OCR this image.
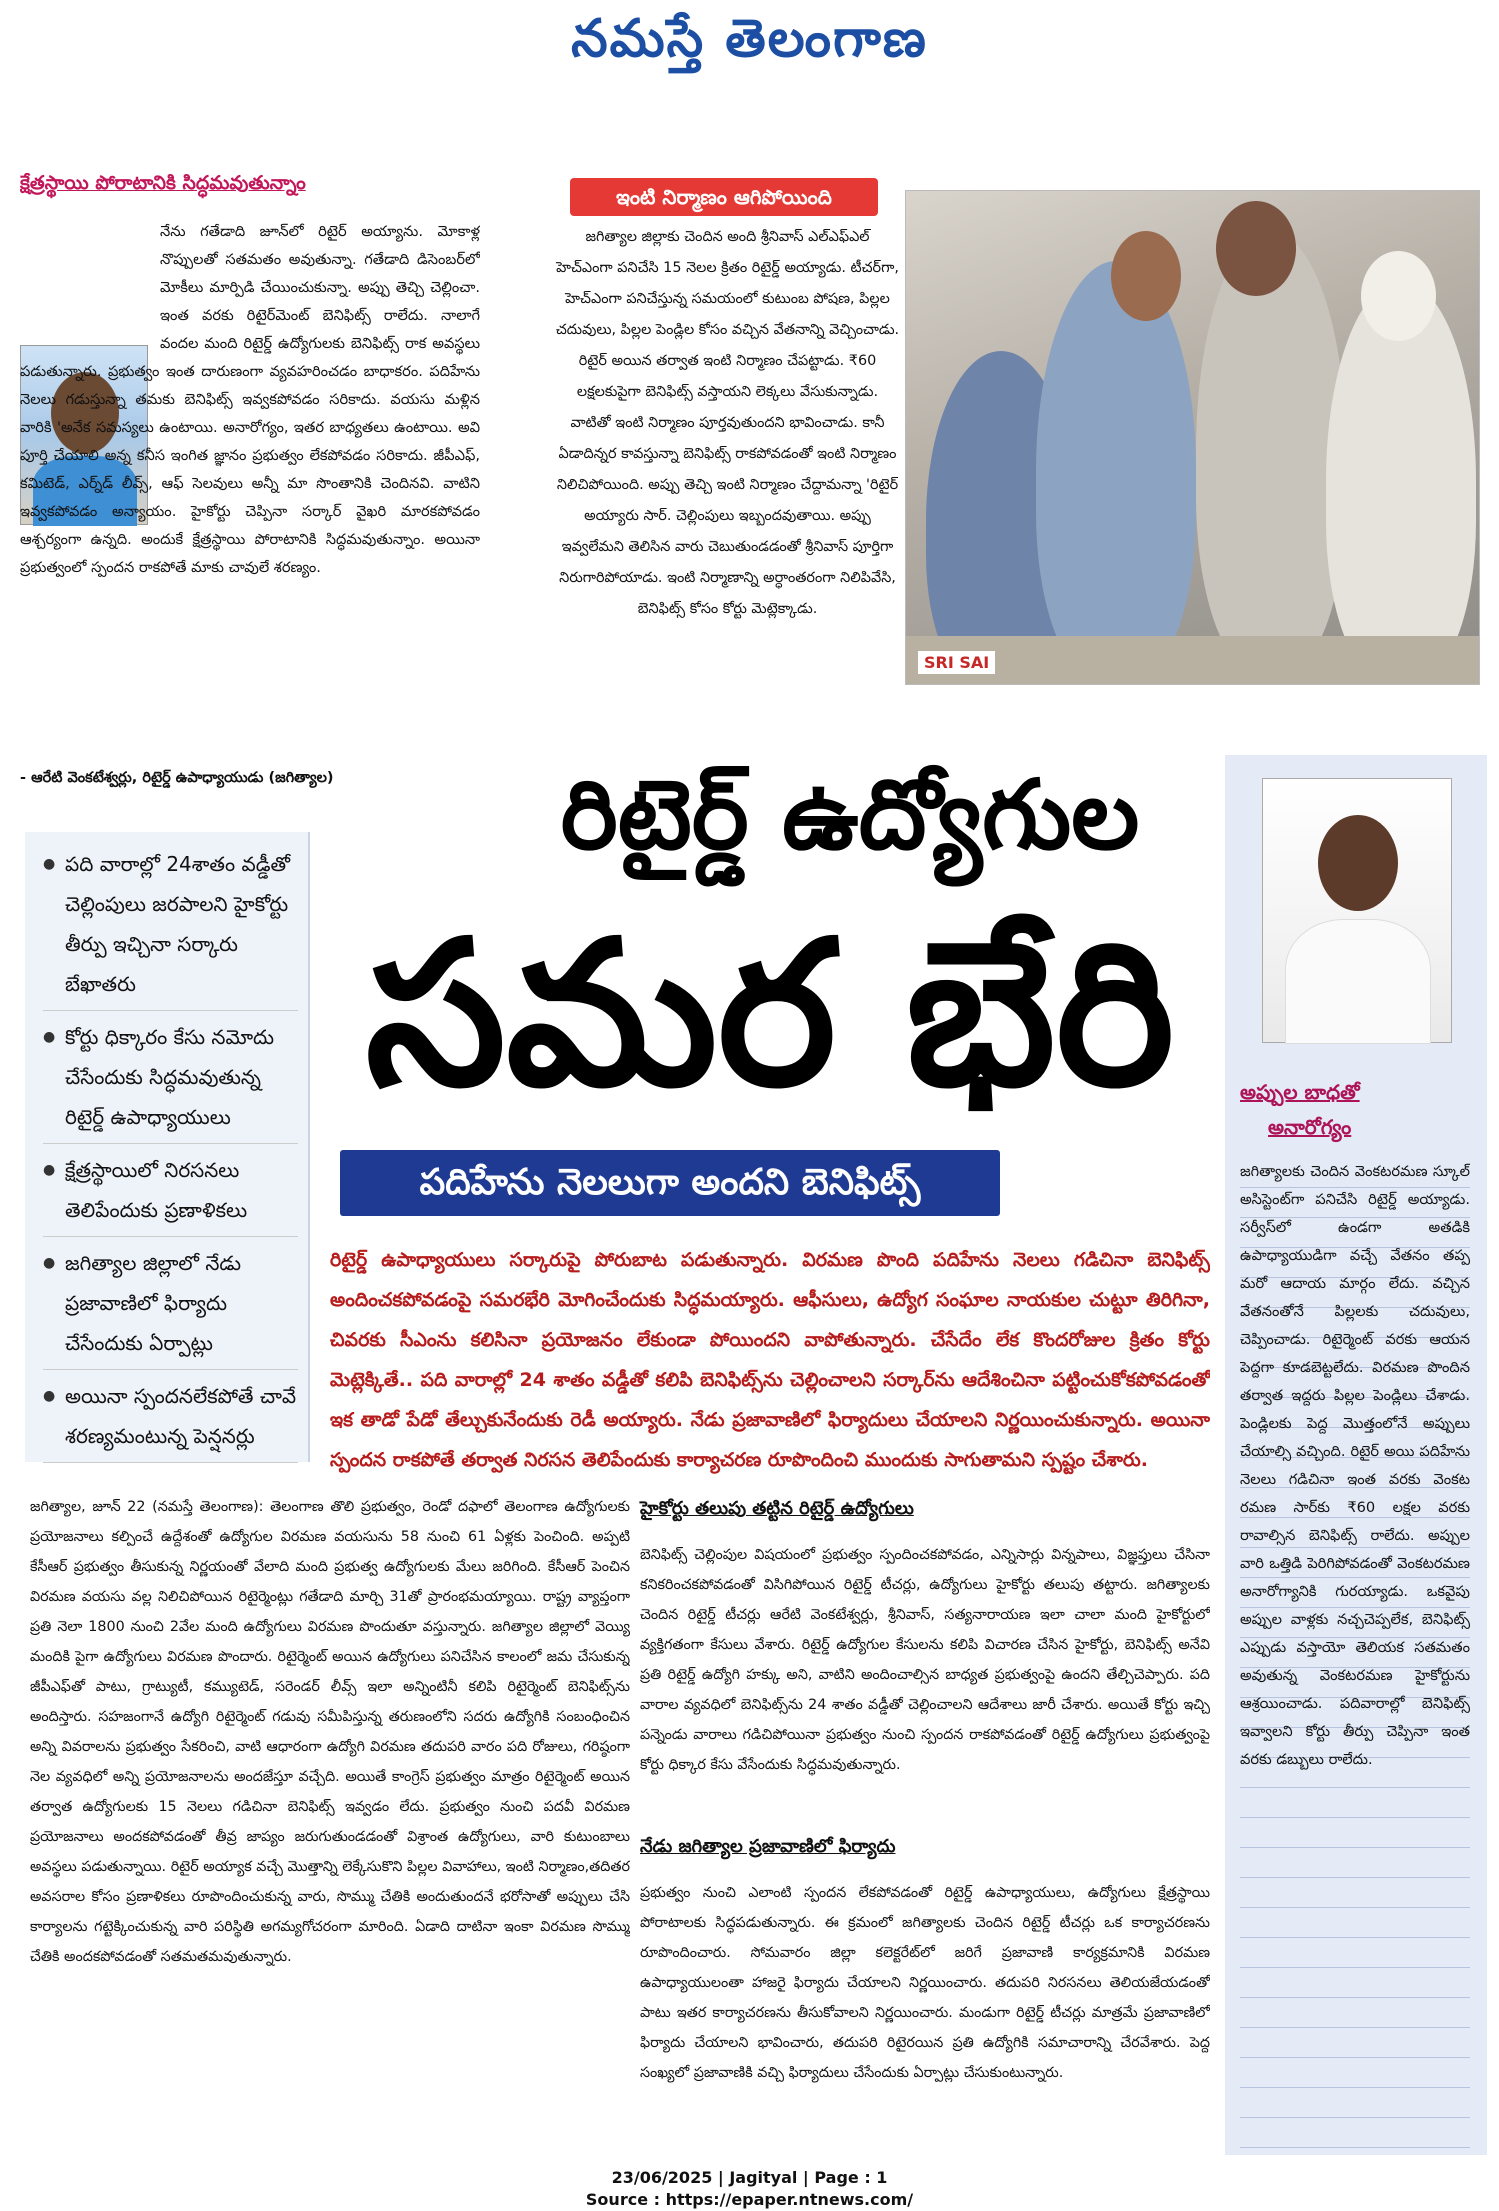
నమస్తే తెలంగాణ
క్షేత్రస్థాయి పోరాటానికి సిద్ధమవుతున్నాం
నేను గతేడాది జూన్‌లో రిటైర్ అయ్యాను. మోకాళ్ల నొప్పులతో సతమతం అవుతున్నా. గతేడాది డిసెంబర్‌లో మోకీలు మార్పిడి చేయించుకున్నా. అప్పు తెచ్చి చెల్లించా. ఇంత వరకు రిటైర్‌మెంట్ బెనిఫిట్స్ రాలేదు. నాలాగే వందల మంది రిటైర్డ్ ఉద్యోగులకు బెనిఫిట్స్ రాక అవస్థలు పడుతున్నారు. ప్రభుత్వం ఇంత దారుణంగా వ్యవహరించడం బాధాకరం. పదిహేను నెలలు గడుస్తున్నా తమకు బెనిఫిట్స్ ఇవ్వకపోవడం సరికాదు. వయసు మళ్లిన వారికి 'అనేక సమస్యలు ఉంటాయి. అనారోగ్యం, ఇతర బాధ్యతలు ఉంటాయి. అవి పూర్తి చేయాలి అన్న కనీస ఇంగిత జ్ఞానం ప్రభుత్వం లేకపోవడం సరికాదు. జీపీఎఫ్, కమిటెడ్, ఎర్న్‌డ్ లీవ్స్, ఆఫ్ సెలవులు అన్నీ మా సొంతానికి చెందినవి. వాటిని ఇవ్వకపోవడం అన్యాయం. హైకోర్టు చెప్పినా సర్కార్ వైఖరి మారకపోవడం ఆశ్చర్యంగా ఉన్నది. అందుకే క్షేత్రస్థాయి పోరాటానికి సిద్ధమవుతున్నాం. అయినా ప్రభుత్వంలో స్పందన రాకపోతే మాకు చావులే శరణ్యం.
- ఆరేటి వెంకటేశ్వర్లు, రిటైర్డ్ ఉపాధ్యాయుడు (జగిత్యాల)
ఇంటి నిర్మాణం ఆగిపోయింది
జగిత్యాల జిల్లాకు చెందిన అంది శ్రీనివాస్ ఎల్ఎఫ్ఎల్ హెచ్ఎంగా పనిచేసి 15 నెలల క్రితం రిటైర్డ్ అయ్యాడు. టీచర్‌గా, హెచ్ఎంగా పనిచేస్తున్న సమయంలో కుటుంబ పోషణ, పిల్లల చదువులు, పిల్లల పెండ్లిల కోసం వచ్చిన వేతనాన్ని వెచ్చించాడు. రిటైర్ అయిన తర్వాత ఇంటి నిర్మాణం చేపట్టాడు. ₹60 లక్షలకుపైగా బెనిఫిట్స్ వస్తాయని లెక్కలు వేసుకున్నాడు. వాటితో ఇంటి నిర్మాణం పూర్తవుతుందని భావించాడు. కానీ ఏడాదిన్నర కావస్తున్నా బెనిఫిట్స్ రాకపోవడంతో ఇంటి నిర్మాణం నిలిచిపోయింది. అప్పు తెచ్చి ఇంటి నిర్మాణం చేద్దామన్నా 'రిటైర్ అయ్యారు సార్. చెల్లింపులు ఇబ్బందవుతాయి. అప్పు ఇవ్వలేమని తెలిసిన వారు చెబుతుండడంతో శ్రీనివాస్ పూర్తిగా నిరుగారిపోయాడు. ఇంటి నిర్మాణాన్ని అర్ధాంతరంగా నిలిపివేసి, బెనిఫిట్స్ కోసం కోర్టు మెట్లెక్కాడు.
SRI SAI
రిటైర్డ్ ఉద్యోగుల
సమర భేరి
పదిహేను నెలలుగా అందని బెనిఫిట్స్
● పది వారాల్లో 24శాతం వడ్డీతో చెల్లింపులు జరపాలని హైకోర్టు తీర్పు ఇచ్చినా సర్కారు బేఖాతరు
● కోర్టు ధిక్కారం కేసు నమోదు చేసేందుకు సిద్ధమవుతున్న రిటైర్డ్ ఉపాధ్యాయులు
● క్షేత్రస్థాయిలో నిరసనలు తెలిపేందుకు ప్రణాళికలు
● జగిత్యాల జిల్లాలో నేడు ప్రజావాణిలో ఫిర్యాదు చేసేందుకు ఏర్పాట్లు
● అయినా స్పందనలేకపోతే చావే శరణ్యమంటున్న పెన్షనర్లు
రిటైర్డ్ ఉపాధ్యాయులు సర్కారుపై పోరుబాట పడుతున్నారు. విరమణ పొంది పదిహేను నెలలు గడిచినా బెనిఫిట్స్ అందించకపోవడంపై సమరభేరి మోగించేందుకు సిద్ధమయ్యారు. ఆఫీసులు, ఉద్యోగ సంఘాల నాయకుల చుట్టూ తిరిగినా, చివరకు సీఎంను కలిసినా ప్రయోజనం లేకుండా పోయిందని వాపోతున్నారు. చేసేదేం లేక కొందరోజుల క్రితం కోర్టు మెట్లెక్కితే.. పది వారాల్లో 24 శాతం వడ్డీతో కలిపి బెనిఫిట్స్‌ను చెల్లించాలని సర్కార్‌ను ఆదేశించినా పట్టించుకోకపోవడంతో ఇక తాడో పేడో తేల్చుకునేందుకు రెడీ అయ్యారు. నేడు ప్రజావాణిలో ఫిర్యాదులు చేయాలని నిర్ణయించుకున్నారు. అయినా స్పందన రాకపోతే తర్వాత నిరసన తెలిపేందుకు కార్యాచరణ రూపొందించి ముందుకు సాగుతామని స్పష్టం చేశారు.
అప్పుల బాధతో
అనారోగ్యం
జగిత్యాలకు చెందిన వెంకటరమణ స్కూల్ అసిస్టెంట్‌గా పనిచేసి రిటైర్డ్ అయ్యాడు. సర్వీస్‌లో ఉండగా అతడికి ఉపాధ్యాయుడిగా వచ్చే వేతనం తప్ప మరో ఆదాయ మార్గం లేదు. వచ్చిన వేతనంతోనే పిల్లలకు చదువులు, చెప్పించాడు. రిటైర్మెంట్ వరకు ఆయన పెద్దగా కూడబెట్టలేదు. విరమణ పొందిన తర్వాత ఇద్దరు పిల్లల పెండ్లిలు చేశాడు. పెండ్లిలకు పెద్ద మొత్తంలోనే అప్పులు చేయాల్సి వచ్చింది. రిటైర్ అయి పదిహేను నెలలు గడిచినా ఇంత వరకు వెంకట రమణ సార్‌కు ₹60 లక్షల వరకు రావాల్సిన బెనిఫిట్స్ రాలేదు. అప్పుల వారి ఒత్తిడి పెరిగిపోవడంతో వెంకటరమణ అనారోగ్యానికి గురయ్యాడు. ఒకవైపు అప్పుల వాళ్లకు నచ్చచెప్పలేక, బెనిఫిట్స్ ఎప్పుడు వస్తాయో తెలియక సతమతం అవుతున్న వెంకటరమణ హైకోర్టును ఆశ్రయించాడు. పదివారాల్లో బెనిఫిట్స్ ఇవ్వాలని కోర్టు తీర్పు చెప్పినా ఇంత వరకు డబ్బులు రాలేదు.
జగిత్యాల, జూన్ 22 (నమస్తే తెలంగాణ): తెలంగాణ తొలి ప్రభుత్వం, రెండో దఫాలో తెలంగాణ ఉద్యోగులకు ప్రయోజనాలు కల్పించే ఉద్దేశంతో ఉద్యోగుల విరమణ వయసును 58 నుంచి 61 ఏళ్లకు పెంచింది. అప్పటి కేసీఆర్ ప్రభుత్వం తీసుకున్న నిర్ణయంతో వేలాది మంది ప్రభుత్వ ఉద్యోగులకు మేలు జరిగింది. కేసీఆర్ పెంచిన విరమణ వయసు వల్ల నిలిచిపోయిన రిటైర్మెంట్లు గతేడాది మార్చి 31తో ప్రారంభమయ్యాయి. రాష్ట్ర వ్యాప్తంగా ప్రతి నెలా 1800 నుంచి 2వేల మంది ఉద్యోగులు విరమణ పొందుతూ వస్తున్నారు. జగిత్యాల జిల్లాలో వెయ్యి మందికి పైగా ఉద్యోగులు విరమణ పొందారు. రిటైర్మెంట్ అయిన ఉద్యోగులు పనిచేసిన కాలంలో జమ చేసుకున్న జీపీఎఫ్‌తో పాటు, గ్రాట్యుటీ, కమ్యుటెడ్, సరెండర్ లీవ్స్ ఇలా అన్నింటినీ కలిపి రిటైర్మెంట్ బెనిఫిట్స్‌ను అందిస్తారు. సహజంగానే ఉద్యోగి రిటైర్మెంట్ గడువు సమీపిస్తున్న తరుణంలోని సదరు ఉద్యోగికి సంబంధించిన అన్ని వివరాలను ప్రభుత్వం సేకరించి, వాటి ఆధారంగా ఉద్యోగి విరమణ తదుపరి వారం పది రోజులు, గరిష్ఠంగా నెల వ్యవధిలో అన్ని ప్రయోజనాలను అందజేస్తూ వచ్చేది. అయితే కాంగ్రెస్ ప్రభుత్వం మాత్రం రిటైర్మెంట్ అయిన తర్వాత ఉద్యోగులకు 15 నెలలు గడిచినా బెనిఫిట్స్ ఇవ్వడం లేదు. ప్రభుత్వం నుంచి పదవీ విరమణ ప్రయోజనాలు అందకపోవడంతో తీవ్ర జాప్యం జరుగుతుండడంతో విశ్రాంత ఉద్యోగులు, వారి కుటుంబాలు అవస్థలు పడుతున్నాయి. రిటైర్ అయ్యాక వచ్చే మొత్తాన్ని లెక్కేసుకొని పిల్లల వివాహాలు, ఇంటి నిర్మాణం,తదితర అవసరాల కోసం ప్రణాళికలు రూపొందించుకున్న వారు, సొమ్ము చేతికి అందుతుందనే భరోసాతో అప్పులు చేసి కార్యాలను గట్టెక్కించుకున్న వారి పరిస్థితి అగమ్యగోచరంగా మారింది. ఏడాది దాటినా ఇంకా విరమణ సొమ్ము చేతికి అందకపోవడంతో సతమతమవుతున్నారు.
హైకోర్టు తలుపు తట్టిన రిటైర్డ్ ఉద్యోగులు
బెనిఫిట్స్ చెల్లింపుల విషయంలో ప్రభుత్వం స్పందించకపోవడం, ఎన్నిసార్లు విన్నపాలు, విజ్ఞప్తులు చేసినా కనికరించకపోవడంతో విసిగిపోయిన రిటైర్డ్ టీచర్లు, ఉద్యోగులు హైకోర్టు తలుపు తట్టారు. జగిత్యాలకు చెందిన రిటైర్డ్ టీచర్లు ఆరేటి వెంకటేశ్వర్లు, శ్రీనివాస్, సత్యనారాయణ ఇలా చాలా మంది హైకోర్టులో వ్యక్తిగతంగా కేసులు వేశారు. రిటైర్డ్ ఉద్యోగుల కేసులను కలిపి విచారణ చేసిన హైకోర్టు, బెనిఫిట్స్ అనేవి ప్రతి రిటైర్డ్ ఉద్యోగి హక్కు అని, వాటిని అందించాల్సిన బాధ్యత ప్రభుత్వంపై ఉందని తేల్చిచెప్పారు. పది వారాల వ్యవధిలో బెనిఫిట్స్‌ను 24 శాతం వడ్డీతో చెల్లించాలని ఆదేశాలు జారీ చేశారు. అయితే కోర్టు ఇచ్చి పన్నెండు వారాలు గడిచిపోయినా ప్రభుత్వం నుంచి స్పందన రాకపోవడంతో రిటైర్డ్ ఉద్యోగులు ప్రభుత్వంపై కోర్టు ధిక్కార కేసు వేసేందుకు సిద్ధమవుతున్నారు.
నేడు జగిత్యాల ప్రజావాణిలో ఫిర్యాదు
ప్రభుత్వం నుంచి ఎలాంటి స్పందన లేకపోవడంతో రిటైర్డ్ ఉపాధ్యాయులు, ఉద్యోగులు క్షేత్రస్థాయి పోరాటాలకు సిద్ధపడుతున్నారు. ఈ క్రమంలో జగిత్యాలకు చెందిన రిటైర్డ్ టీచర్లు ఒక కార్యాచరణను రూపొందించారు. సోమవారం జిల్లా కలెక్టరేట్‌లో జరిగే ప్రజావాణి కార్యక్రమానికి విరమణ ఉపాధ్యాయులంతా హాజరై ఫిర్యాదు చేయాలని నిర్ణయించారు. తదుపరి నిరసనలు తెలియజేయడంతో పాటు ఇతర కార్యాచరణను తీసుకోవాలని నిర్ణయించారు. మండుగా రిటైర్డ్ టీచర్లు మాత్రమే ప్రజావాణిలో ఫిర్యాదు చేయాలని భావించారు, తదుపరి రిటైరయిన ప్రతి ఉద్యోగికి సమాచారాన్ని చేరవేశారు. పెద్ద సంఖ్యలో ప్రజావాణికి వచ్చి ఫిర్యాదులు చేసేందుకు ఏర్పాట్లు చేసుకుంటున్నారు.
23/06/2025 | Jagityal | Page : 1
Source : https://epaper.ntnews.com/
